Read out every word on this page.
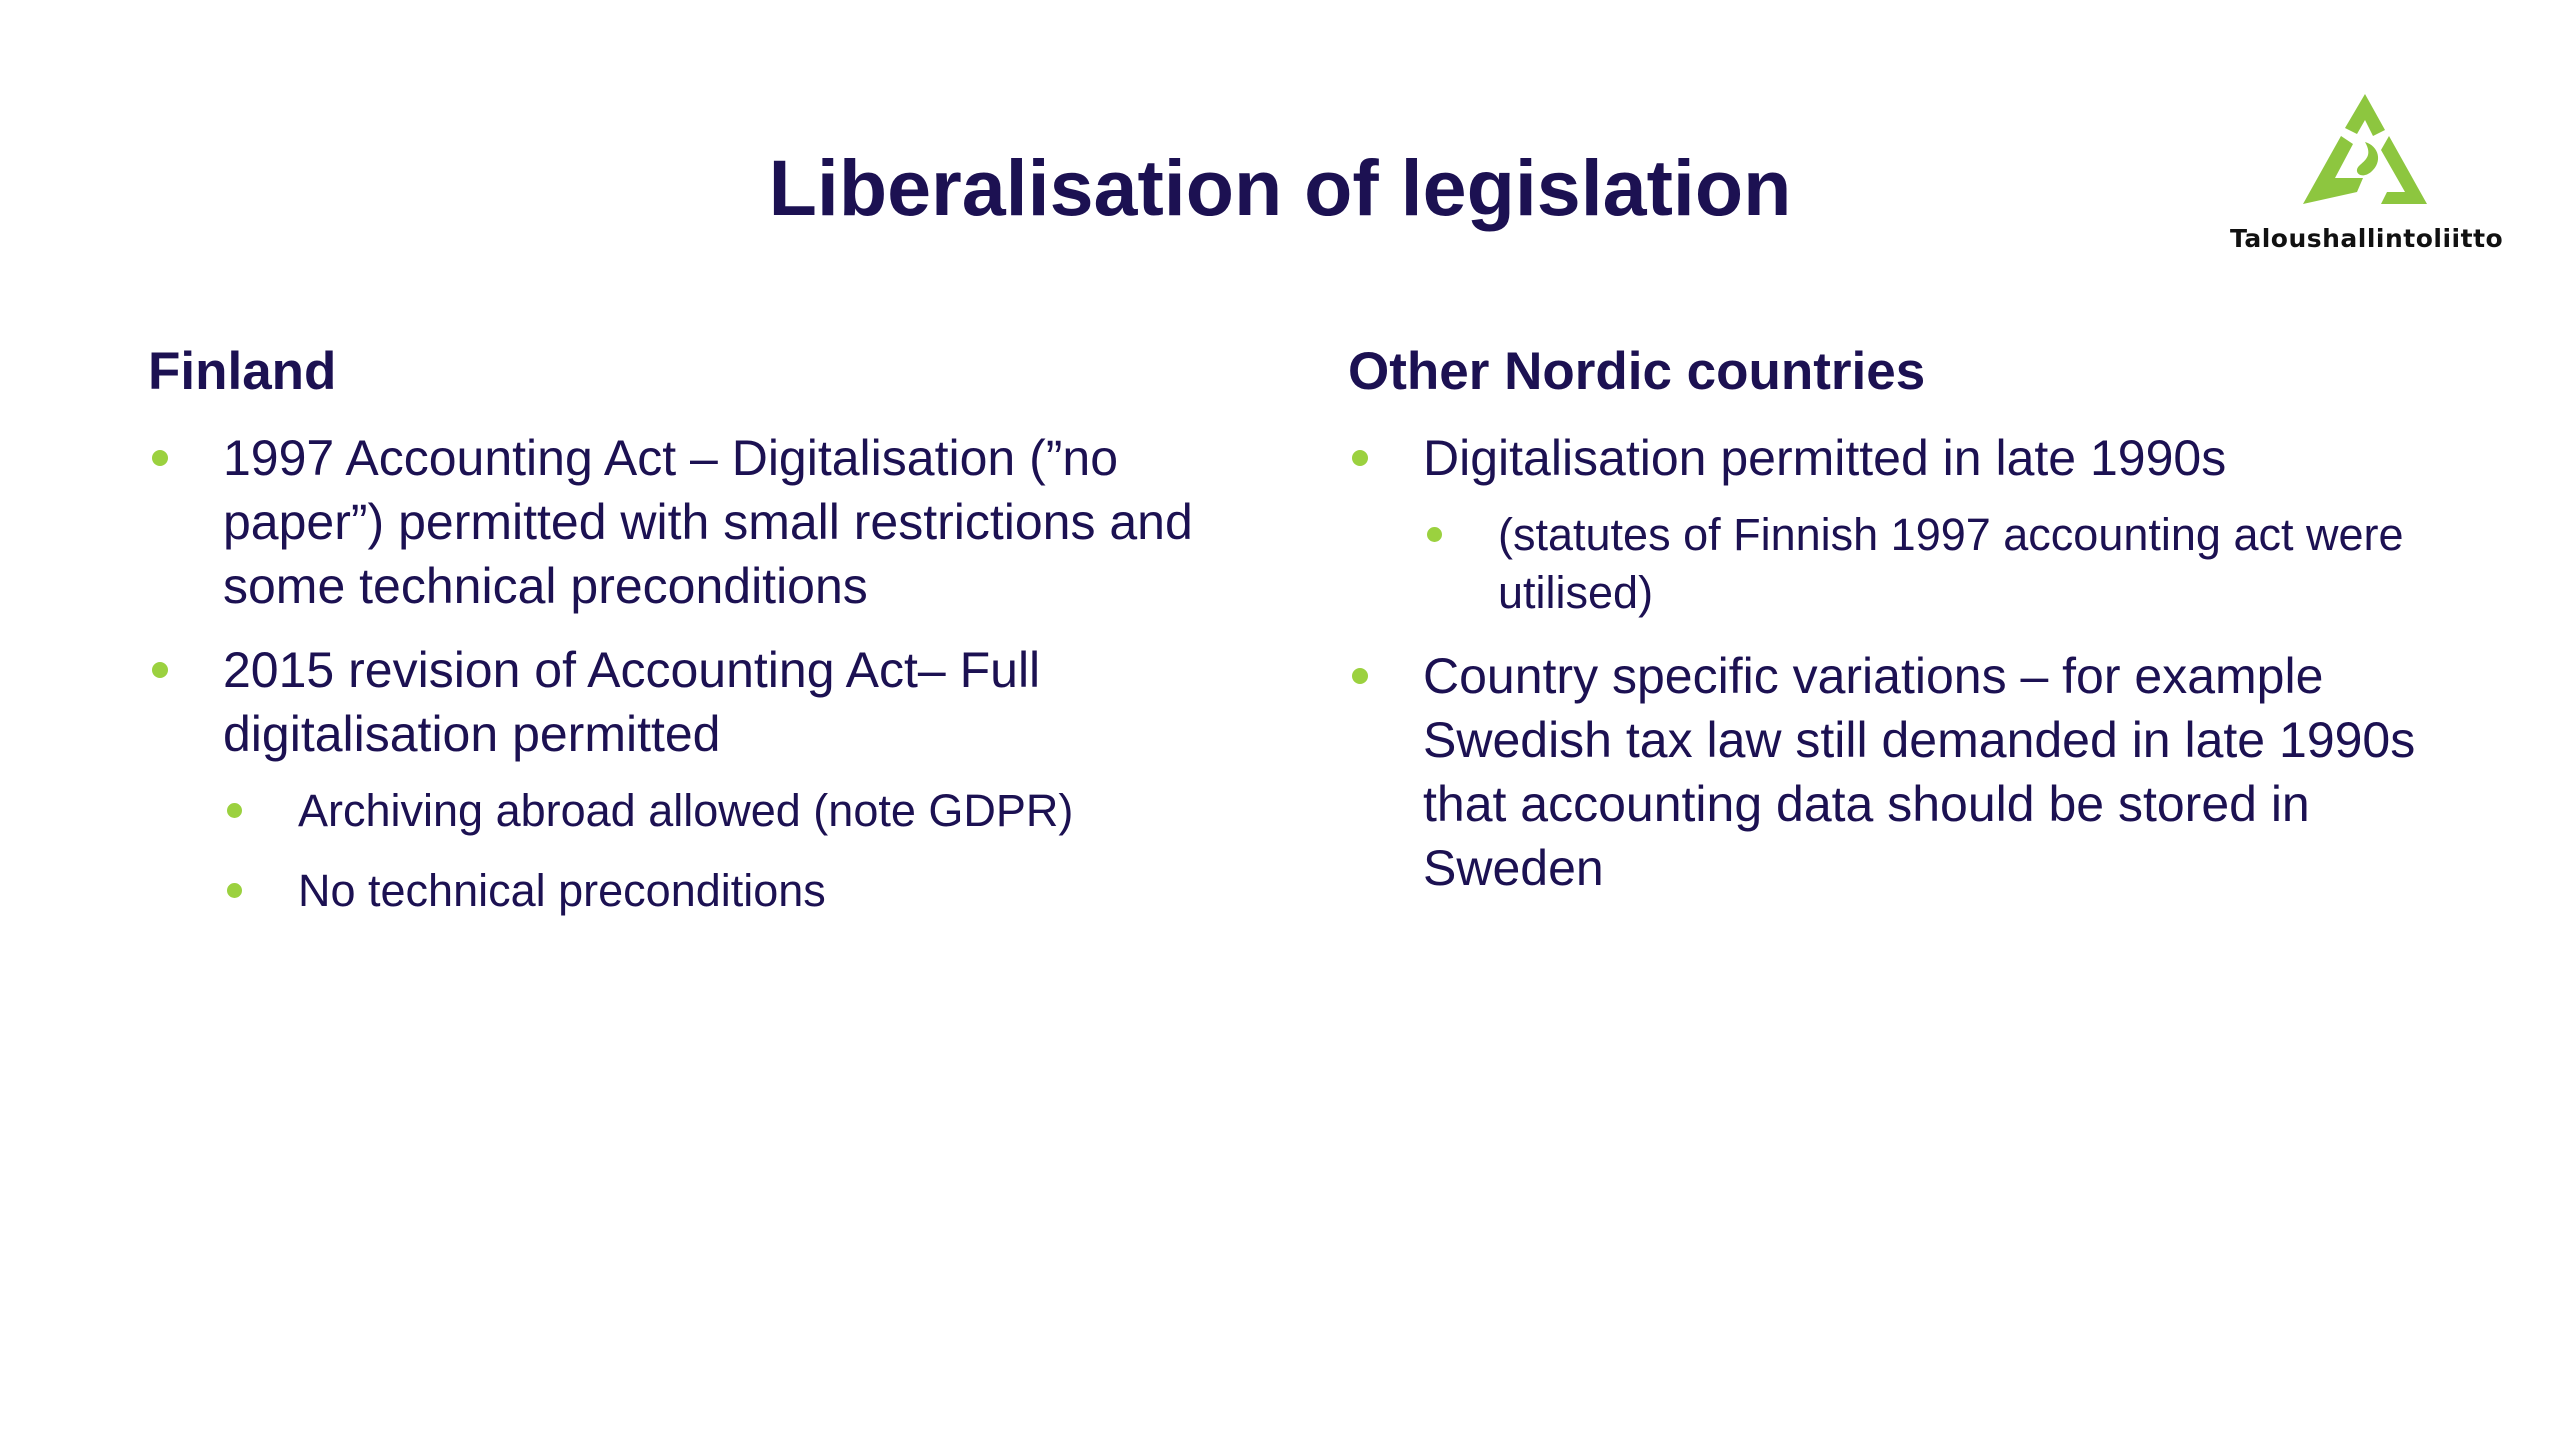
Liberalisation of legislation
Taloushallintoliitto
Finland
1997 Accounting Act – Digitalisation (”no paper”) permitted with small restrictions and some technical preconditions
2015 revision of Accounting Act– Full digitalisation permitted
Archiving abroad allowed (note GDPR)
No technical preconditions
Other Nordic countries
Digitalisation permitted in late 1990s
(statutes of Finnish 1997 accounting act were utilised)
Country specific variations – for example Swedish tax law still demanded in late 1990s that accounting data should be stored in Sweden
